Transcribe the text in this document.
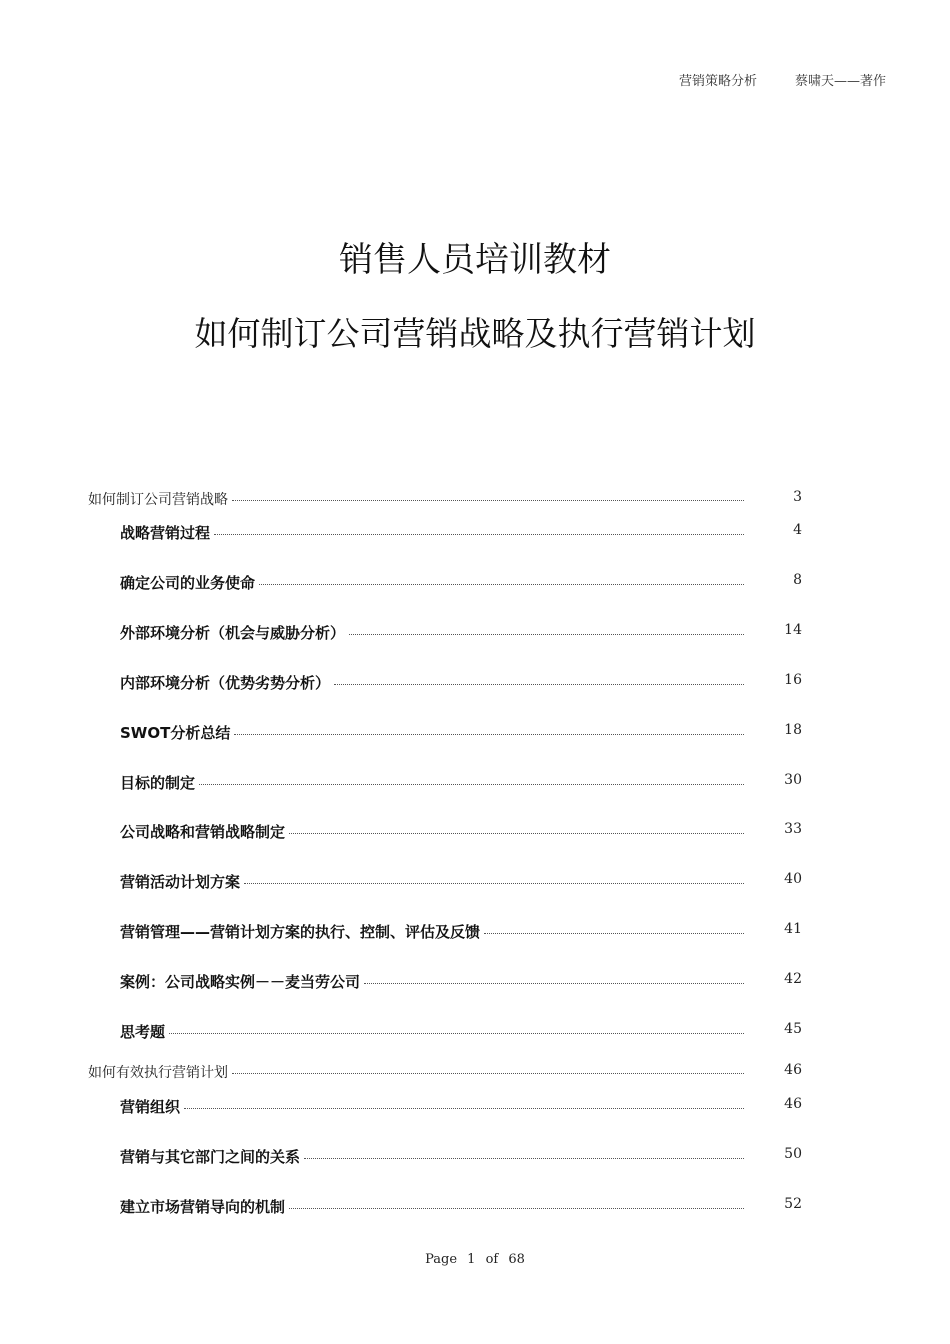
营销策略分析	蔡啸天——著作
销售人员培训教材
如何制订公司营销战略及执行营销计划
如何制订公司营销战略	3
战略营销过程	4
确定公司的业务使命	8
外部环境分析（机会与威胁分析）	14
内部环境分析（优势劣势分析）	16
SWOT分析总结	18
目标的制定	30
公司战略和营销战略制定	33
营销活动计划方案	40
营销管理——营销计划方案的执行、控制、评估及反馈	41
案例：公司战略实例－－麦当劳公司	42
思考题	45
如何有效执行营销计划	46
营销组织	46
营销与其它部门之间的关系	50
建立市场营销导向的机制	52
Page 1 of 68
